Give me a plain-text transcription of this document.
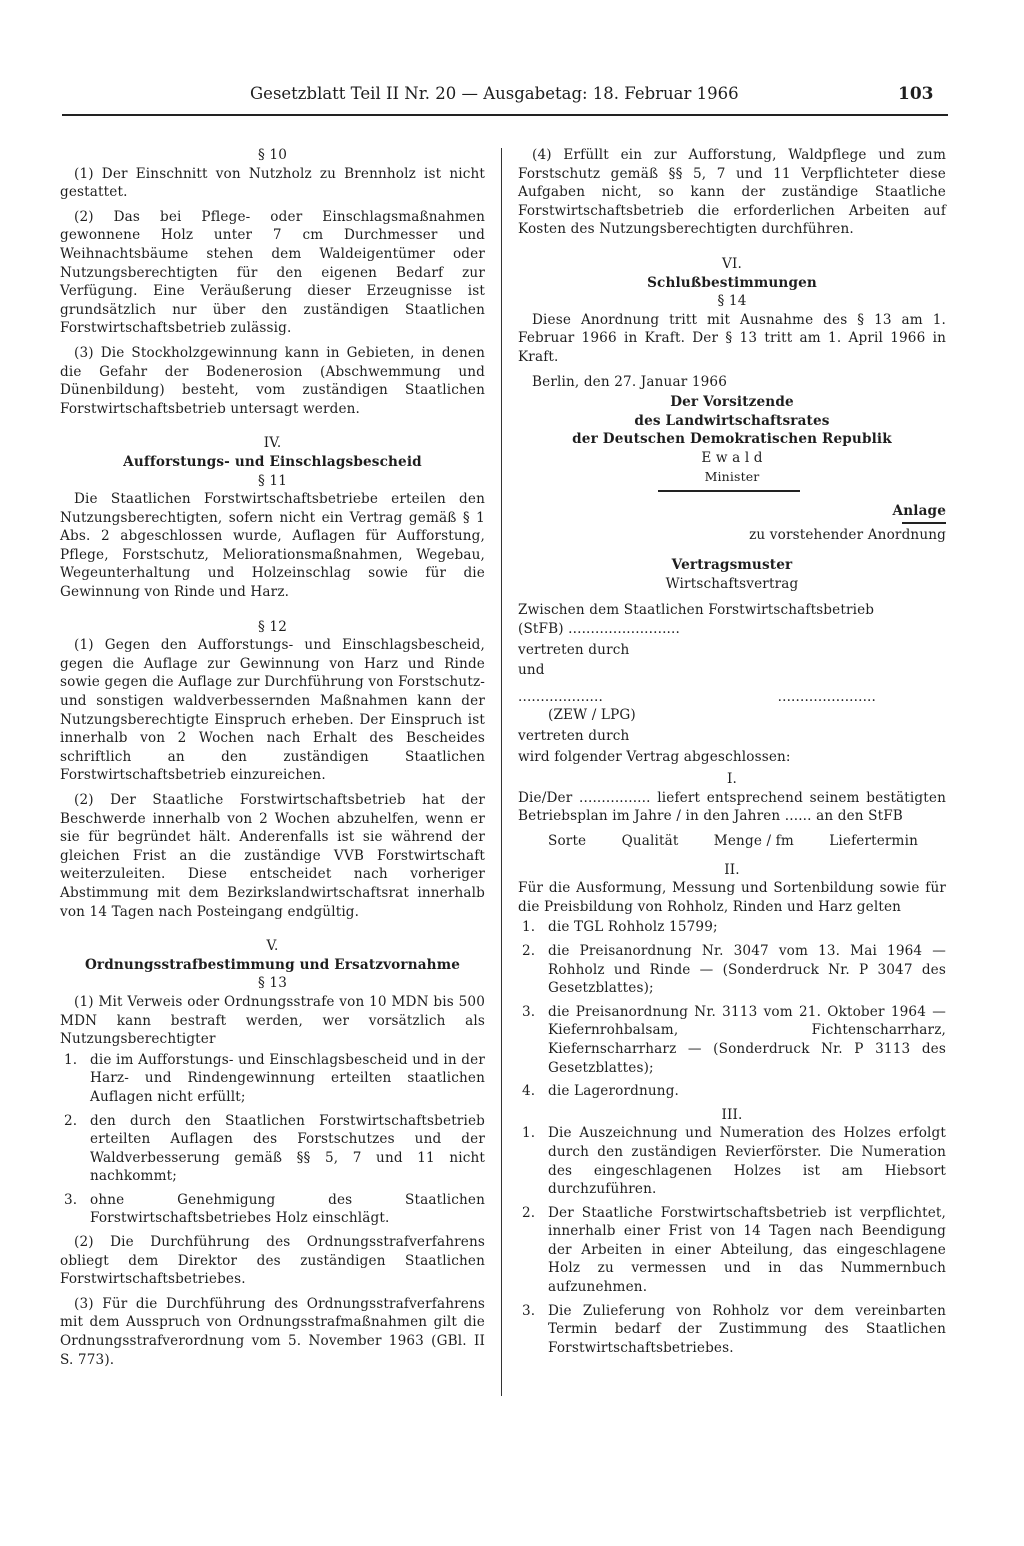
Gesetzblatt Teil II Nr. 20 — Ausgabetag: 18. Februar 1966	103

§ 10

(1) Der Einschnitt von Nutzholz zu Brennholz ist nicht gestattet.

(2) Das bei Pflege- oder Einschlagsmaßnahmen gewonnene Holz unter 7 cm Durchmesser und Weihnachtsbäume stehen dem Waldeigentümer oder Nutzungsberechtigten für den eigenen Bedarf zur Verfügung. Eine Veräußerung dieser Erzeugnisse ist grundsätzlich nur über den zuständigen Staatlichen Forstwirtschaftsbetrieb zulässig.

(3) Die Stockholzgewinnung kann in Gebieten, in denen die Gefahr der Bodenerosion (Abschwemmung und Dünenbildung) besteht, vom zuständigen Staatlichen Forstwirtschaftsbetrieb untersagt werden.

IV.

Aufforstungs- und Einschlagsbescheid

§ 11

Die Staatlichen Forstwirtschaftsbetriebe erteilen den Nutzungsberechtigten, sofern nicht ein Vertrag gemäß § 1 Abs. 2 abgeschlossen wurde, Auflagen für Aufforstung, Pflege, Forstschutz, Meliorationsmaßnahmen, Wegebau, Wegeunterhaltung und Holzeinschlag sowie für die Gewinnung von Rinde und Harz.

§ 12

(1) Gegen den Aufforstungs- und Einschlagsbescheid, gegen die Auflage zur Gewinnung von Harz und Rinde sowie gegen die Auflage zur Durchführung von Forstschutz- und sonstigen waldverbessernden Maßnahmen kann der Nutzungsberechtigte Einspruch erheben. Der Einspruch ist innerhalb von 2 Wochen nach Erhalt des Bescheides schriftlich an den zuständigen Staatlichen Forstwirtschaftsbetrieb einzureichen.

(2) Der Staatliche Forstwirtschaftsbetrieb hat der Beschwerde innerhalb von 2 Wochen abzuhelfen, wenn er sie für begründet hält. Anderenfalls ist sie während der gleichen Frist an die zuständige VVB Forstwirtschaft weiterzuleiten. Diese entscheidet nach vorheriger Abstimmung mit dem Bezirkslandwirtschaftsrat innerhalb von 14 Tagen nach Posteingang endgültig.

V.

Ordnungsstrafbestimmung und Ersatzvornahme

§ 13

(1) Mit Verweis oder Ordnungsstrafe von 10 MDN bis 500 MDN kann bestraft werden, wer vorsätzlich als Nutzungsberechtigter

1. die im Aufforstungs- und Einschlagsbescheid und in der Harz- und Rindengewinnung erteilten staatlichen Auflagen nicht erfüllt;
2. den durch den Staatlichen Forstwirtschaftsbetrieb erteilten Auflagen des Forstschutzes und der Waldverbesserung gemäß §§ 5, 7 und 11 nicht nachkommt;
3. ohne Genehmigung des Staatlichen Forstwirtschaftsbetriebes Holz einschlägt.

(2) Die Durchführung des Ordnungsstrafverfahrens obliegt dem Direktor des zuständigen Staatlichen Forstwirtschaftsbetriebes.

(3) Für die Durchführung des Ordnungsstrafverfahrens mit dem Ausspruch von Ordnungsstrafmaßnahmen gilt die Ordnungsstrafverordnung vom 5. November 1963 (GBl. II S. 773).

(4) Erfüllt ein zur Aufforstung, Waldpflege und zum Forstschutz gemäß §§ 5, 7 und 11 Verpflichteter diese Aufgaben nicht, so kann der zuständige Staatliche Forstwirtschaftsbetrieb die erforderlichen Arbeiten auf Kosten des Nutzungsberechtigten durchführen.

VI.

Schlußbestimmungen

§ 14

Diese Anordnung tritt mit Ausnahme des § 13 am 1. Februar 1966 in Kraft. Der § 13 tritt am 1. April 1966 in Kraft.

Berlin, den 27. Januar 1966

Der Vorsitzende

des Landwirtschaftsrates

der Deutschen Demokratischen Republik

E w a l d

Minister

Anlage

zu vorstehender Anordnung

Vertragsmuster

Wirtschaftsvertrag

Zwischen dem Staatlichen Forstwirtschaftsbetrieb

(StFB) .........................

vertreten durch

und

...................	......................

(ZEW / LPG)

vertreten durch

wird folgender Vertrag abgeschlossen:

I.

Die/Der ................ liefert entsprechend seinem bestätigten Betriebsplan im Jahre / in den Jahren ...... an den StFB

Sorte	Qualität	Menge / fm	Liefertermin

II.

Für die Ausformung, Messung und Sortenbildung sowie für die Preisbildung von Rohholz, Rinden und Harz gelten

1. die TGL Rohholz 15799;
2. die Preisanordnung Nr. 3047 vom 13. Mai 1964 — Rohholz und Rinde — (Sonderdruck Nr. P 3047 des Gesetzblattes);
3. die Preisanordnung Nr. 3113 vom 21. Oktober 1964 — Kiefernrohbalsam, Fichtenscharrharz, Kiefernscharrharz — (Sonderdruck Nr. P 3113 des Gesetzblattes);
4. die Lagerordnung.

III.

1. Die Auszeichnung und Numeration des Holzes erfolgt durch den zuständigen Revierförster. Die Numeration des eingeschlagenen Holzes ist am Hiebsort durchzuführen.
2. Der Staatliche Forstwirtschaftsbetrieb ist verpflichtet, innerhalb einer Frist von 14 Tagen nach Beendigung der Arbeiten in einer Abteilung, das eingeschlagene Holz zu vermessen und in das Nummernbuch aufzunehmen.
3. Die Zulieferung von Rohholz vor dem vereinbarten Termin bedarf der Zustimmung des Staatlichen Forstwirtschaftsbetriebes.
